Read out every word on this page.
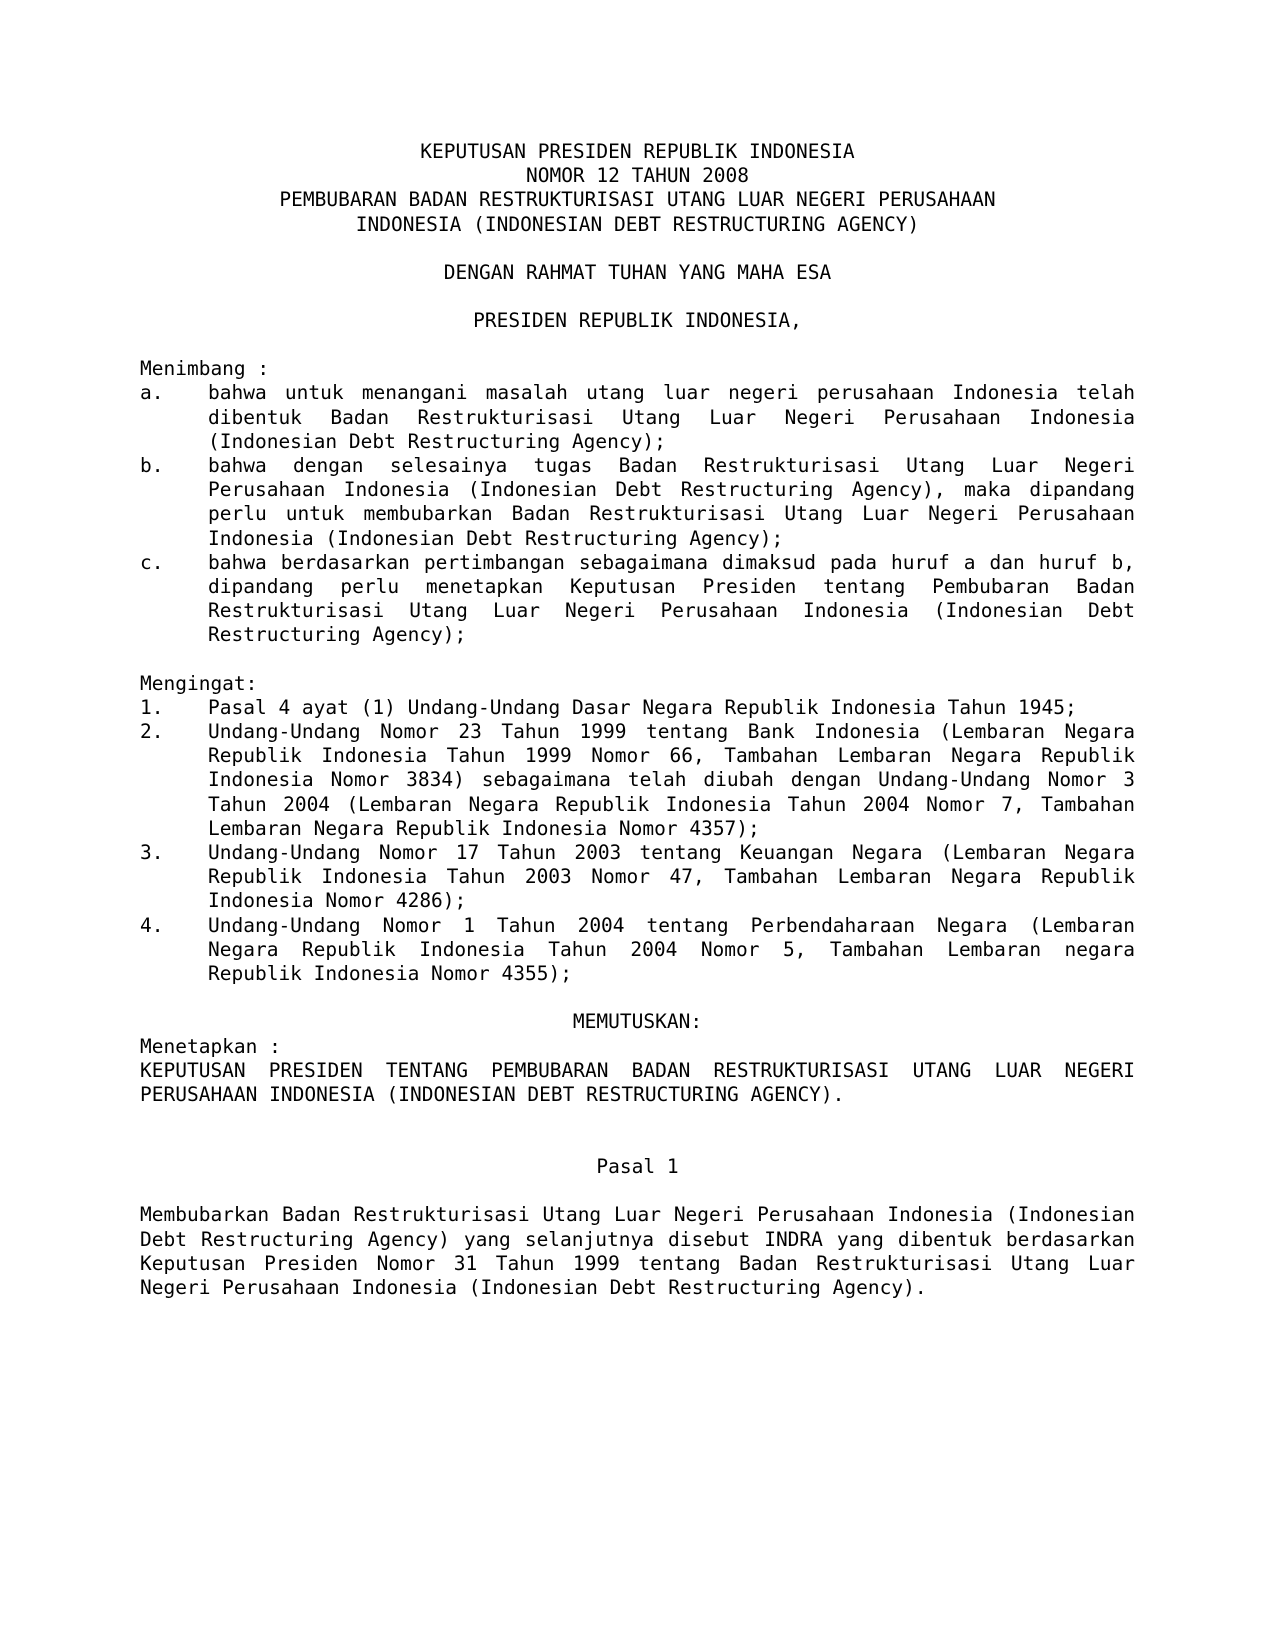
KEPUTUSAN PRESIDEN REPUBLIK INDONESIA
NOMOR 12 TAHUN 2008
PEMBUBARAN BADAN RESTRUKTURISASI UTANG LUAR NEGERI PERUSAHAAN
INDONESIA (INDONESIAN DEBT RESTRUCTURING AGENCY)
DENGAN RAHMAT TUHAN YANG MAHA ESA
PRESIDEN REPUBLIK INDONESIA,
Menimbang :
a.	bahwa untuk menangani masalah utang luar negeri perusahaan Indonesia telah dibentuk Badan Restrukturisasi Utang Luar Negeri Perusahaan Indonesia (Indonesian Debt Restructuring Agency);
b.	bahwa dengan selesainya tugas Badan Restrukturisasi Utang Luar Negeri Perusahaan Indonesia (Indonesian Debt Restructuring Agency), maka dipandang perlu untuk membubarkan Badan Restrukturisasi Utang Luar Negeri Perusahaan Indonesia (Indonesian Debt Restructuring Agency);
c.	bahwa berdasarkan pertimbangan sebagaimana dimaksud pada huruf a dan huruf b, dipandang perlu menetapkan Keputusan Presiden tentang Pembubaran Badan Restrukturisasi Utang Luar Negeri Perusahaan Indonesia (Indonesian Debt Restructuring Agency);
Mengingat:
1.	Pasal 4 ayat (1) Undang-Undang Dasar Negara Republik Indonesia Tahun 1945;
2.	Undang-Undang Nomor 23 Tahun 1999 tentang Bank Indonesia (Lembaran Negara Republik Indonesia Tahun 1999 Nomor 66, Tambahan Lembaran Negara Republik Indonesia Nomor 3834) sebagaimana telah diubah dengan Undang-Undang Nomor 3 Tahun 2004 (Lembaran Negara Republik Indonesia Tahun 2004 Nomor 7, Tambahan Lembaran Negara Republik Indonesia Nomor 4357);
3.	Undang-Undang Nomor 17 Tahun 2003 tentang Keuangan Negara (Lembaran Negara Republik Indonesia Tahun 2003 Nomor 47, Tambahan Lembaran Negara Republik Indonesia Nomor 4286);
4.	Undang-Undang Nomor 1 Tahun 2004 tentang Perbendaharaan Negara (Lembaran Negara Republik Indonesia Tahun 2004 Nomor 5, Tambahan Lembaran negara Republik Indonesia Nomor 4355);
MEMUTUSKAN:
Menetapkan :
KEPUTUSAN PRESIDEN TENTANG PEMBUBARAN BADAN RESTRUKTURISASI UTANG LUAR NEGERI PERUSAHAAN INDONESIA (INDONESIAN DEBT RESTRUCTURING AGENCY).
Pasal 1
Membubarkan Badan Restrukturisasi Utang Luar Negeri Perusahaan Indonesia (Indonesian Debt Restructuring Agency) yang selanjutnya disebut INDRA yang dibentuk berdasarkan Keputusan Presiden Nomor 31 Tahun 1999 tentang Badan Restrukturisasi Utang Luar Negeri Perusahaan Indonesia (Indonesian Debt Restructuring Agency).
